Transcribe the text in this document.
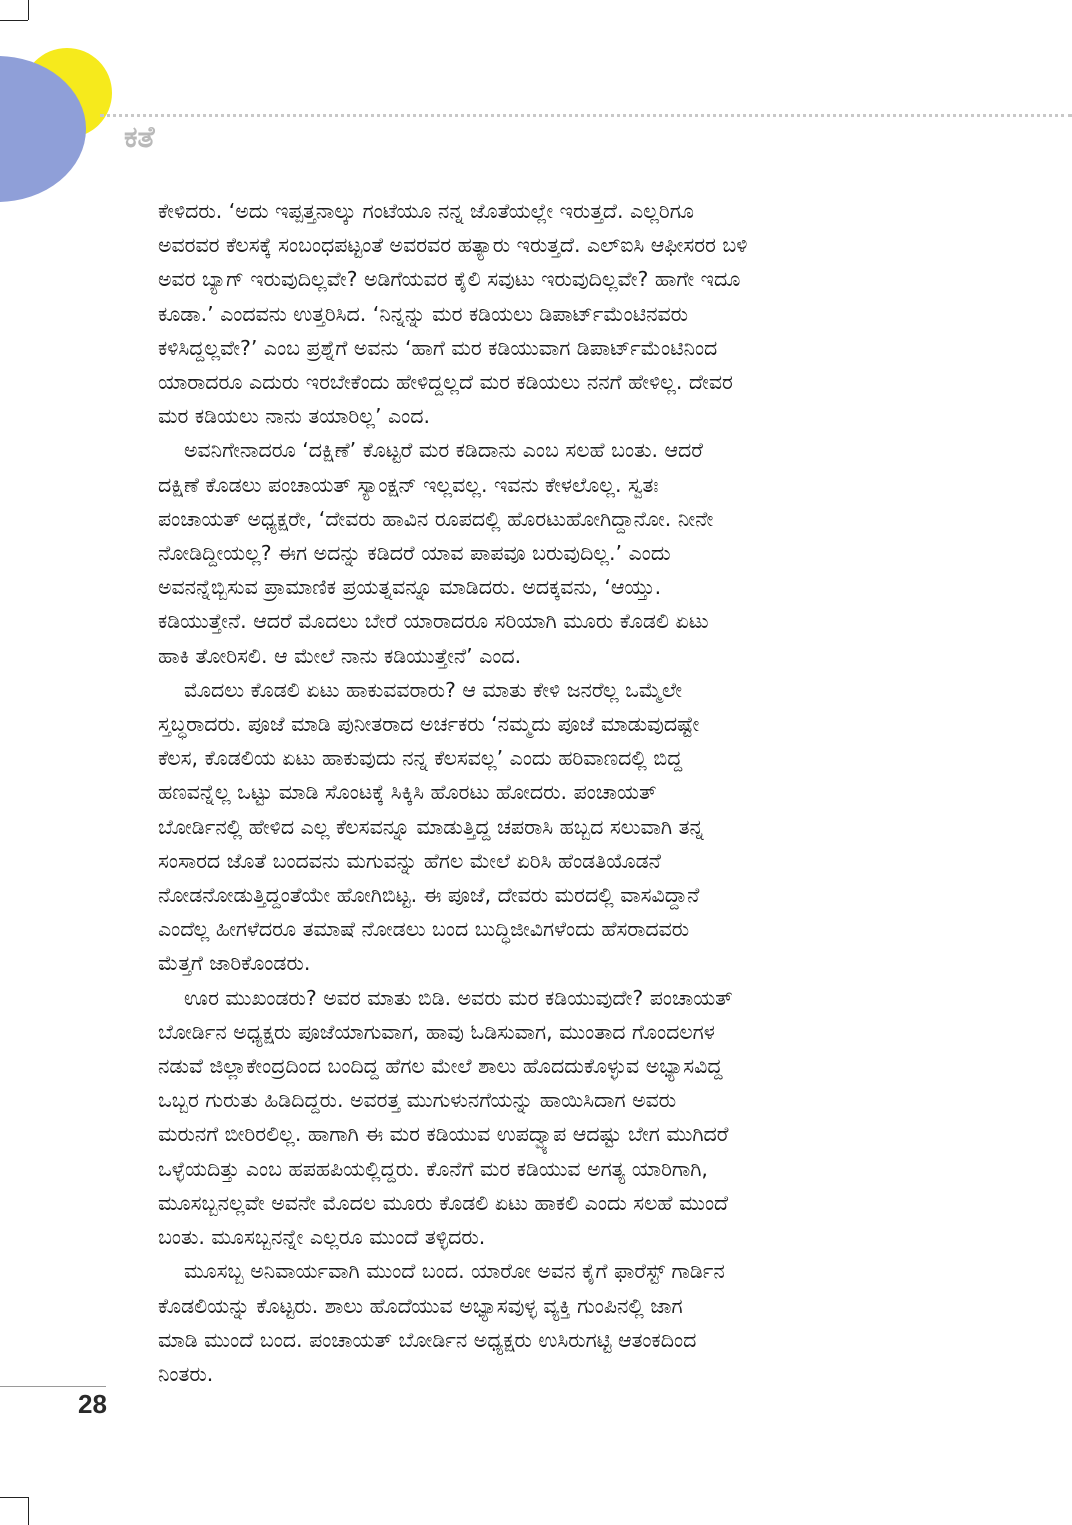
ಕತೆ
ಕೇಳಿದರು. ‘ಅದು ಇಪ್ಪತ್ತನಾಲ್ಕು ಗಂಟೆಯೂ ನನ್ನ ಜೊತೆಯಲ್ಲೇ ಇರುತ್ತದೆ. ಎಲ್ಲರಿಗೂ
ಅವರವರ ಕೆಲಸಕ್ಕೆ ಸಂಬಂಧಪಟ್ಟಂತೆ ಅವರವರ ಹತ್ಯಾರು ಇರುತ್ತದೆ. ಎಲ್ಐಸಿ ಆಫೀಸರರ ಬಳಿ
ಅವರ ಬ್ಯಾಗ್ ಇರುವುದಿಲ್ಲವೇ? ಅಡಿಗೆಯವರ ಕೈಲಿ ಸವುಟು ಇರುವುದಿಲ್ಲವೇ? ಹಾಗೇ ಇದೂ
ಕೂಡಾ.’ ಎಂದವನು ಉತ್ತರಿಸಿದ. ‘ನಿನ್ನನ್ನು ಮರ ಕಡಿಯಲು ಡಿಪಾರ್ಟ್‌ಮೆಂಟಿನವರು
ಕಳಿಸಿದ್ದಲ್ಲವೇ?’ ಎಂಬ ಪ್ರಶ್ನೆಗೆ ಅವನು ‘ಹಾಗೆ ಮರ ಕಡಿಯುವಾಗ ಡಿಪಾರ್ಟ್‌ಮೆಂಟಿನಿಂದ
ಯಾರಾದರೂ ಎದುರು ಇರಬೇಕೆಂದು ಹೇಳಿದ್ದಲ್ಲದೆ ಮರ ಕಡಿಯಲು ನನಗೆ ಹೇಳಿಲ್ಲ. ದೇವರ
ಮರ ಕಡಿಯಲು ನಾನು ತಯಾರಿಲ್ಲ’ ಎಂದ.
ಅವನಿಗೇನಾದರೂ ‘ದಕ್ಷಿಣೆ’ ಕೊಟ್ಟರೆ ಮರ ಕಡಿದಾನು ಎಂಬ ಸಲಹೆ ಬಂತು. ಆದರೆ
ದಕ್ಷಿಣೆ ಕೊಡಲು ಪಂಚಾಯತ್ ಸ್ಯಾಂಕ್ಷನ್ ಇಲ್ಲವಲ್ಲ. ಇವನು ಕೇಳಲೊಲ್ಲ. ಸ್ವತಃ
ಪಂಚಾಯತ್ ಅಧ್ಯಕ್ಷರೇ, ‘ದೇವರು ಹಾವಿನ ರೂಪದಲ್ಲಿ ಹೊರಟುಹೋಗಿದ್ದಾನೋ. ನೀನೇ
ನೋಡಿದ್ದೀಯಲ್ಲ? ಈಗ ಅದನ್ನು ಕಡಿದರೆ ಯಾವ ಪಾಪವೂ ಬರುವುದಿಲ್ಲ.’ ಎಂದು
ಅವನನ್ನೆಬ್ಬಿಸುವ ಪ್ರಾಮಾಣಿಕ ಪ್ರಯತ್ನವನ್ನೂ ಮಾಡಿದರು. ಅದಕ್ಕವನು, ‘ಆಯ್ತು.
ಕಡಿಯುತ್ತೇನೆ. ಆದರೆ ಮೊದಲು ಬೇರೆ ಯಾರಾದರೂ ಸರಿಯಾಗಿ ಮೂರು ಕೊಡಲಿ ಏಟು
ಹಾಕಿ ತೋರಿಸಲಿ. ಆ ಮೇಲೆ ನಾನು ಕಡಿಯುತ್ತೇನೆ’ ಎಂದ.
ಮೊದಲು ಕೊಡಲಿ ಏಟು ಹಾಕುವವರಾರು? ಆ ಮಾತು ಕೇಳಿ ಜನರೆಲ್ಲ ಒಮ್ಮೆಲೇ
ಸ್ತಬ್ಧರಾದರು. ಪೂಜೆ ಮಾಡಿ ಪುನೀತರಾದ ಅರ್ಚಕರು ‘ನಮ್ಮದು ಪೂಜೆ ಮಾಡುವುದಷ್ಟೇ
ಕೆಲಸ, ಕೊಡಲಿಯ ಏಟು ಹಾಕುವುದು ನನ್ನ ಕೆಲಸವಲ್ಲ’ ಎಂದು ಹರಿವಾಣದಲ್ಲಿ ಬಿದ್ದ
ಹಣವನ್ನೆಲ್ಲ ಒಟ್ಟು ಮಾಡಿ ಸೊಂಟಕ್ಕೆ ಸಿಕ್ಕಿಸಿ ಹೊರಟು ಹೋದರು. ಪಂಚಾಯತ್
ಬೋರ್ಡಿನಲ್ಲಿ ಹೇಳಿದ ಎಲ್ಲ ಕೆಲಸವನ್ನೂ ಮಾಡುತ್ತಿದ್ದ ಚಪರಾಸಿ ಹಬ್ಬದ ಸಲುವಾಗಿ ತನ್ನ
ಸಂಸಾರದ ಜೊತೆ ಬಂದವನು ಮಗುವನ್ನು ಹೆಗಲ ಮೇಲೆ ಏರಿಸಿ ಹೆಂಡತಿಯೊಡನೆ
ನೋಡನೋಡುತ್ತಿದ್ದಂತೆಯೇ ಹೋಗಿಬಿಟ್ಟ. ಈ ಪೂಜೆ, ದೇವರು ಮರದಲ್ಲಿ ವಾಸವಿದ್ದಾನೆ
ಎಂದೆಲ್ಲ ಹೀಗಳೆದರೂ ತಮಾಷೆ ನೋಡಲು ಬಂದ ಬುದ್ಧಿಜೀವಿಗಳೆಂದು ಹೆಸರಾದವರು
ಮೆತ್ತಗೆ ಜಾರಿಕೊಂಡರು.
ಊರ ಮುಖಂಡರು? ಅವರ ಮಾತು ಬಿಡಿ. ಅವರು ಮರ ಕಡಿಯುವುದೇ? ಪಂಚಾಯತ್
ಬೋರ್ಡಿನ ಅಧ್ಯಕ್ಷರು ಪೂಜೆಯಾಗುವಾಗ, ಹಾವು ಓಡಿಸುವಾಗ, ಮುಂತಾದ ಗೊಂದಲಗಳ
ನಡುವೆ ಜಿಲ್ಲಾಕೇಂದ್ರದಿಂದ ಬಂದಿದ್ದ ಹೆಗಲ ಮೇಲೆ ಶಾಲು ಹೊದದುಕೊಳ್ಳುವ ಅಭ್ಯಾಸವಿದ್ದ
ಒಬ್ಬರ ಗುರುತು ಹಿಡಿದಿದ್ದರು. ಅವರತ್ತ ಮುಗುಳುನಗೆಯನ್ನು ಹಾಯಿಸಿದಾಗ ಅವರು
ಮರುನಗೆ ಬೀರಿರಲಿಲ್ಲ. ಹಾಗಾಗಿ ಈ ಮರ ಕಡಿಯುವ ಉಪದ್ವ್ಯಾಪ ಆದಷ್ಟು ಬೇಗ ಮುಗಿದರೆ
ಒಳ್ಳೆಯದಿತ್ತು ಎಂಬ ಹಪಹಪಿಯಲ್ಲಿದ್ದರು. ಕೊನೆಗೆ ಮರ ಕಡಿಯುವ ಅಗತ್ಯ ಯಾರಿಗಾಗಿ,
ಮೂಸಬ್ಬನಲ್ಲವೇ ಅವನೇ ಮೊದಲ ಮೂರು ಕೊಡಲಿ ಏಟು ಹಾಕಲಿ ಎಂದು ಸಲಹೆ ಮುಂದೆ
ಬಂತು. ಮೂಸಬ್ಬನನ್ನೇ ಎಲ್ಲರೂ ಮುಂದೆ ತಳ್ಳಿದರು.
ಮೂಸಬ್ಬ ಅನಿವಾರ್ಯವಾಗಿ ಮುಂದೆ ಬಂದ. ಯಾರೋ ಅವನ ಕೈಗೆ ಫಾರೆಸ್ಟ್ ಗಾರ್ಡಿನ
ಕೊಡಲಿಯನ್ನು ಕೊಟ್ಟರು. ಶಾಲು ಹೊದೆಯುವ ಅಭ್ಯಾಸವುಳ್ಳ ವ್ಯಕ್ತಿ ಗುಂಪಿನಲ್ಲಿ ಜಾಗ
ಮಾಡಿ ಮುಂದೆ ಬಂದ. ಪಂಚಾಯತ್ ಬೋರ್ಡಿನ ಅಧ್ಯಕ್ಷರು ಉಸಿರುಗಟ್ಟಿ ಆತಂಕದಿಂದ
ನಿಂತರು.
28
